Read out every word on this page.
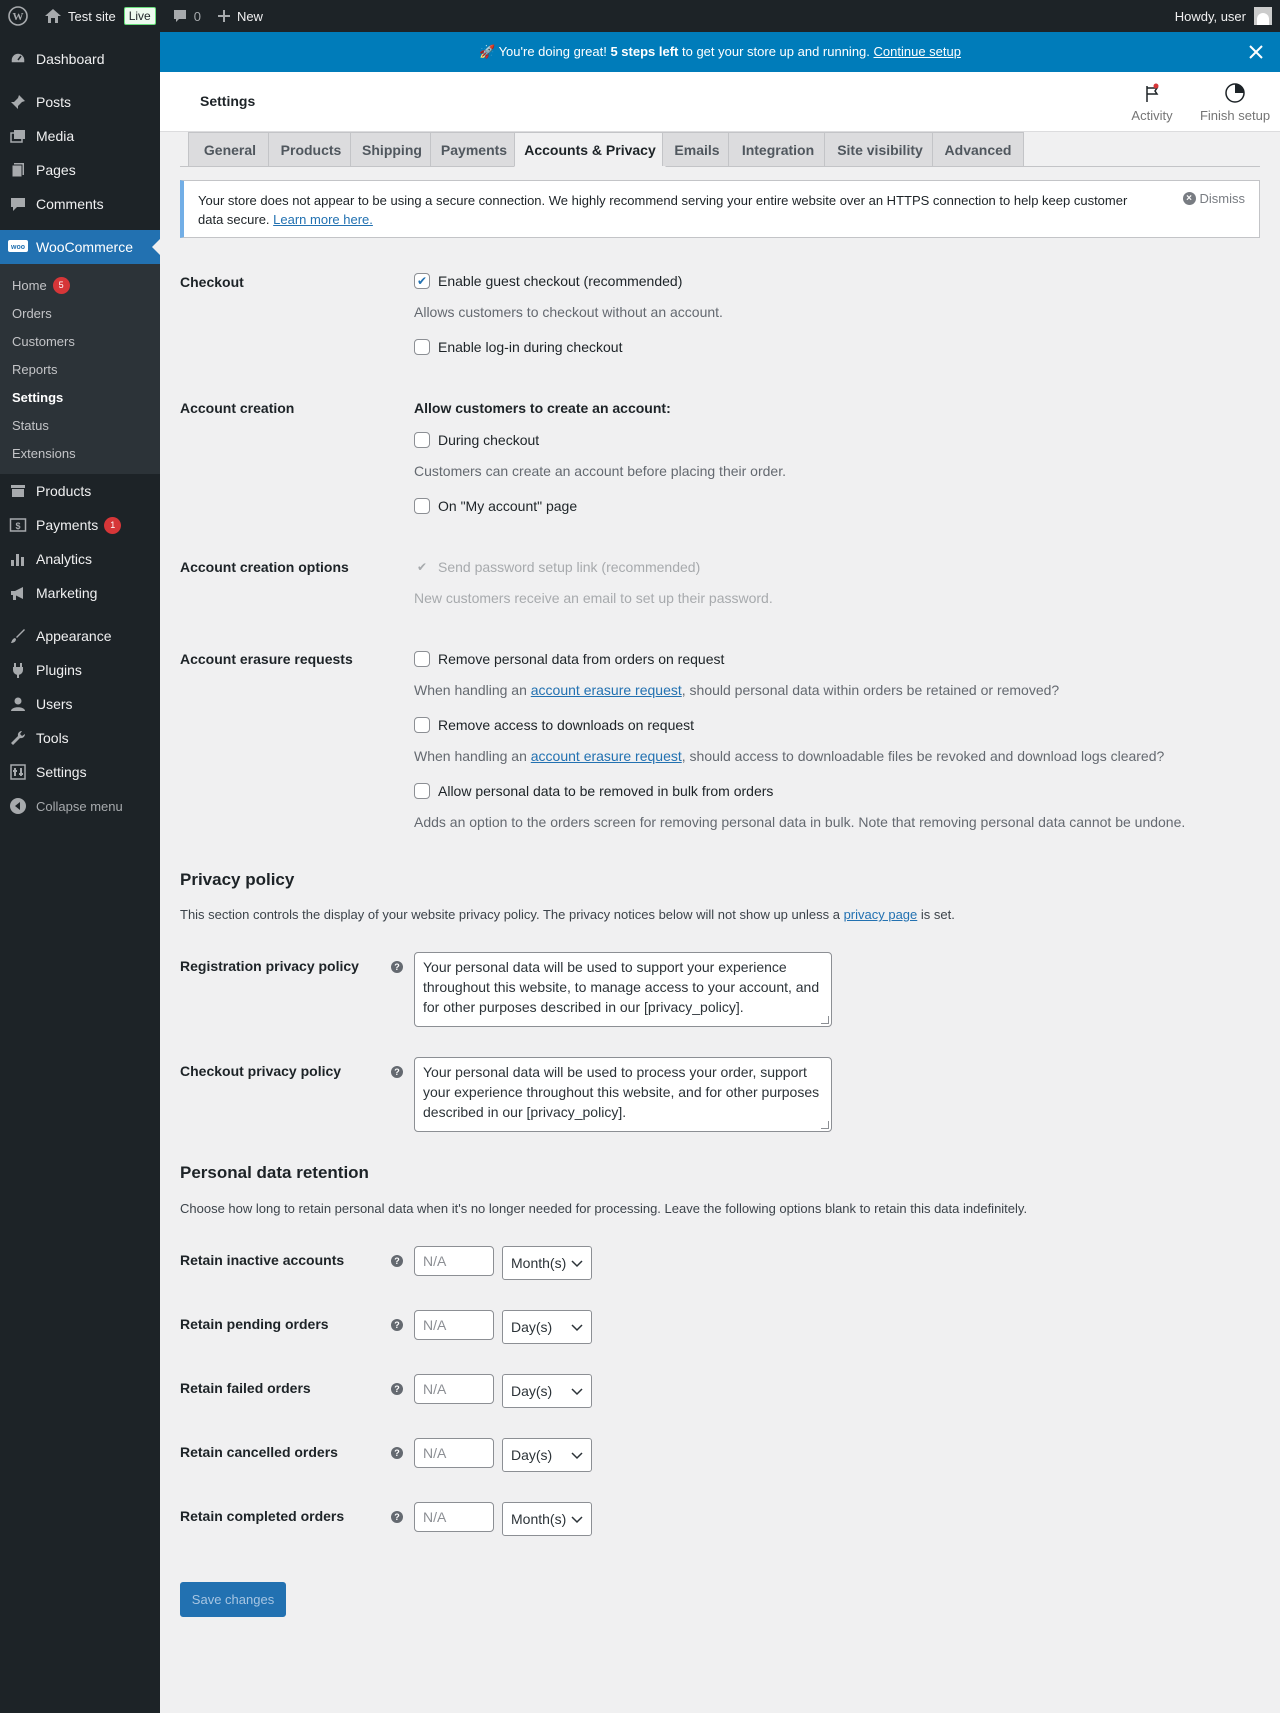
W	Test site	Live	0	New	Howdy, user
Dashboard
Posts
Media
Pages
Comments
woo WooCommerce
Home	5
Orders
Customers
Reports
Settings
Status
Extensions
Products
$ Payments	1
Analytics
Marketing
Appearance
Plugins
Users
Tools
Settings
Collapse menu
🚀 You're doing great! 5 steps left to get your store up and running. Continue setup
Settings
Activity	Finish setup
General	Products	Shipping	Payments	Accounts & Privacy	Emails	Integration	Site visibility	Advanced
Your store does not appear to be using a secure connection. We highly recommend serving your entire website over an HTTPS connection to help keep customer data secure. Learn more here.
× Dismiss
Checkout	✔ Enable guest checkout (recommended)
Allows customers to checkout without an account.
Enable log-in during checkout
Account creation	Allow customers to create an account:
During checkout
Customers can create an account before placing their order.
On "My account" page
Account creation options	✔ Send password setup link (recommended)
New customers receive an email to set up their password.
Account erasure requests	Remove personal data from orders on request
When handling an account erasure request, should personal data within orders be retained or removed?
Remove access to downloads on request
When handling an account erasure request, should access to downloadable files be revoked and download logs cleared?
Allow personal data to be removed in bulk from orders
Adds an option to the orders screen for removing personal data in bulk. Note that removing personal data cannot be undone.
Privacy policy
This section controls the display of your website privacy policy. The privacy notices below will not show up unless a privacy page is set.
Registration privacy policy	?	Your personal data will be used to support your experience throughout this website, to manage access to your account, and for other purposes described in our [privacy_policy].
Checkout privacy policy	?	Your personal data will be used to process your order, support your experience throughout this website, and for other purposes described in our [privacy_policy].
Personal data retention
Choose how long to retain personal data when it's no longer needed for processing. Leave the following options blank to retain this data indefinitely.
Retain inactive accounts	?	N/A	Month(s)
Retain pending orders	?	N/A	Day(s)
Retain failed orders	?	N/A	Day(s)
Retain cancelled orders	?	N/A	Day(s)
Retain completed orders	?	N/A	Month(s)
Save changes
